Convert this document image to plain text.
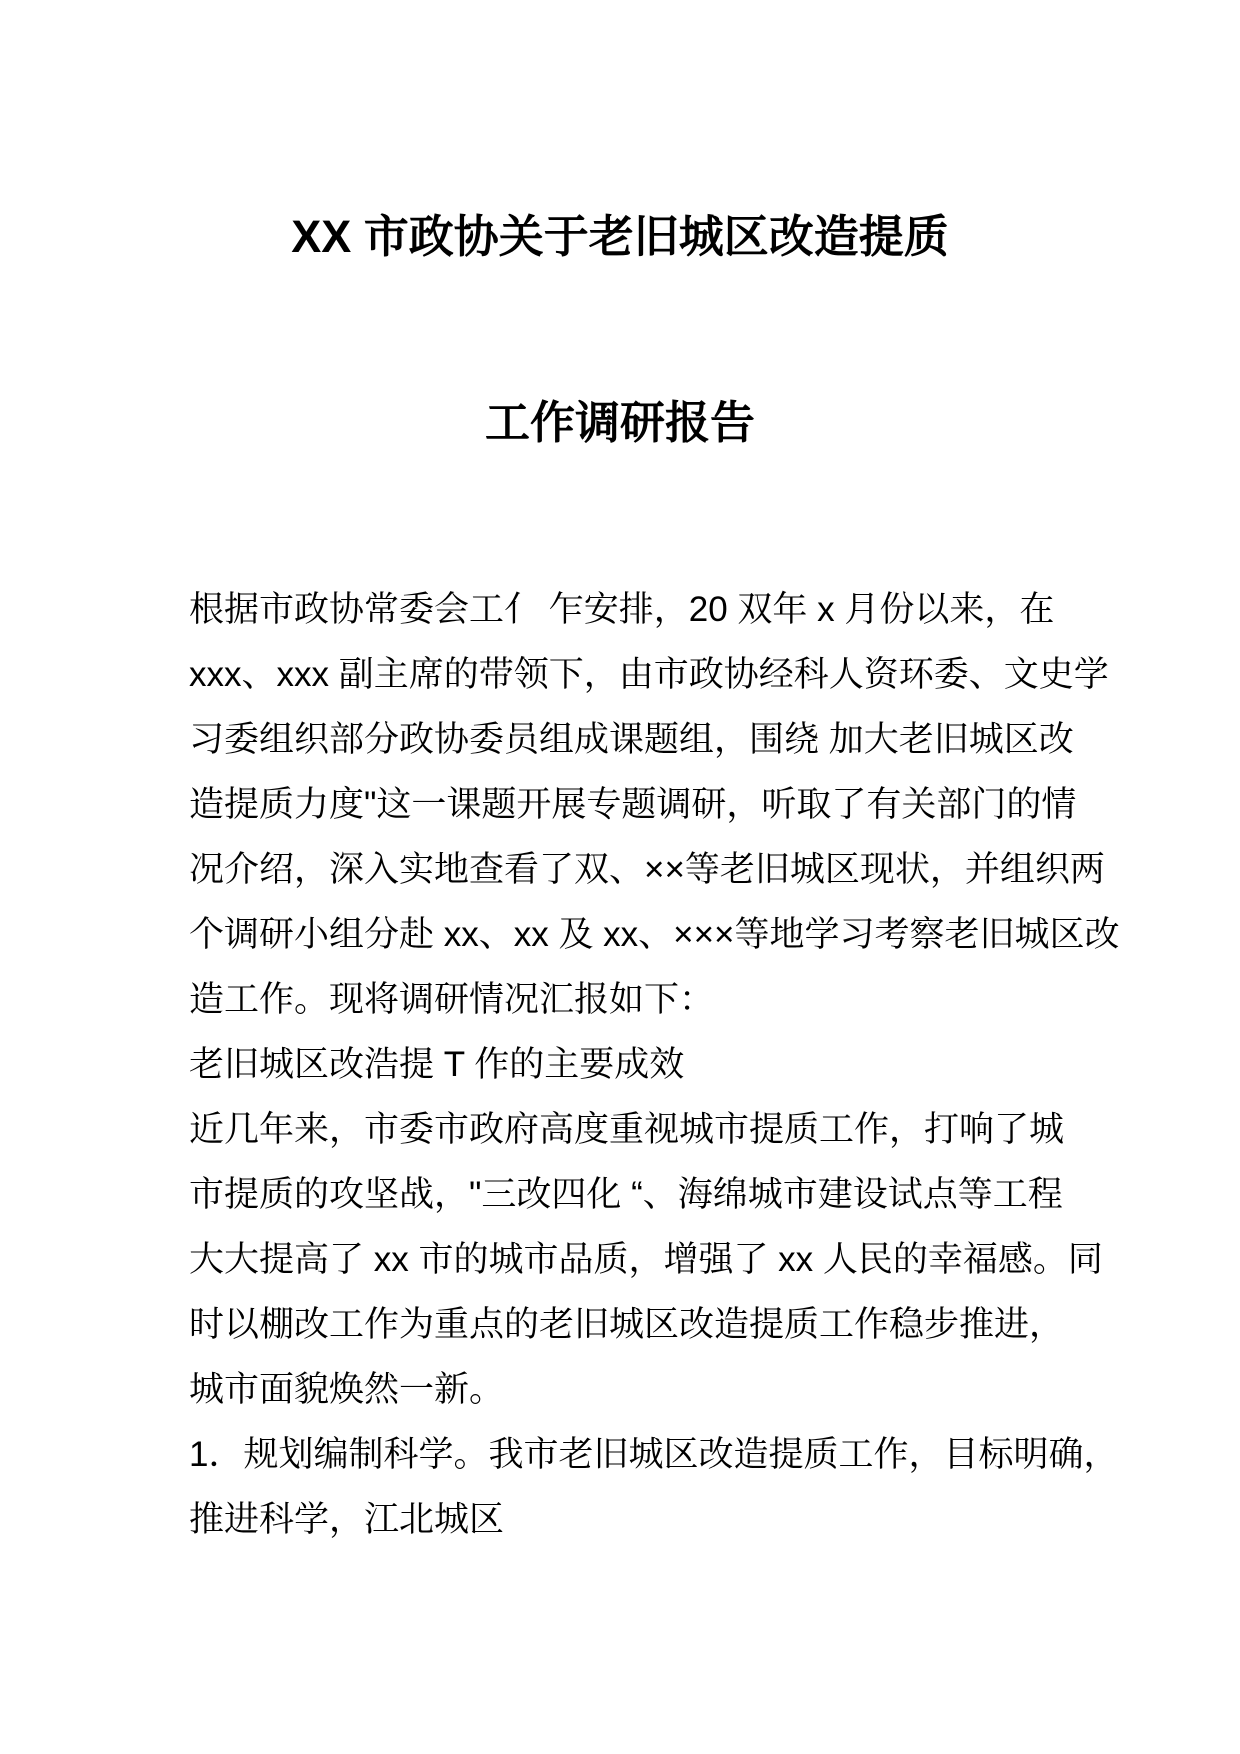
XX 市政协关于老旧城区改造提质
工作调研报告
根据市政协常委会工亻 乍安排，20 双年 x 月份以来，在
xxx、xxx 副主席的带领下，由市政协经科人资环委、文史学
习委组织部分政协委员组成课题组，围绕 加大老旧城区改
造提质力度"这一课题开展专题调研，听取了有关部门的情
况介绍，深入实地查看了双、××等老旧城区现状，并组织两
个调研小组分赴 xx、xx 及 xx、×××等地学习考察老旧城区改
造工作。现将调研情况汇报如下：
老旧城区改浩提 T 作的主要成效
近几年来，市委市政府高度重视城市提质工作，打响了城
市提质的攻坚战，"三改四化 “、海绵城市建设试点等工程
大大提高了 xx 市的城市品质，增强了 xx 人民的幸福感。同
时以棚改工作为重点的老旧城区改造提质工作稳步推进，
城市面貌焕然一新。
1．规划编制科学。我市老旧城区改造提质工作，目标明确，
推进科学，江北城区
